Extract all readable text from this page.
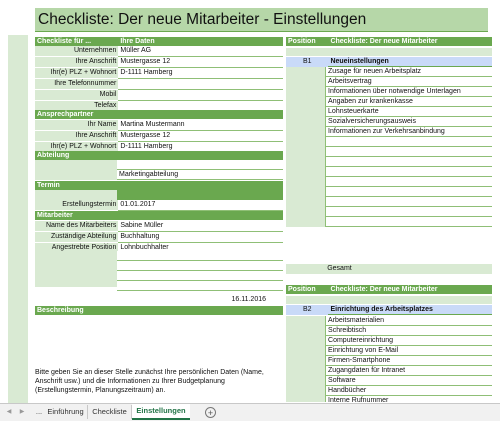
Checkliste: Der neue Mitarbeiter - Einstellungen
Checkliste für ...	Ihre Daten
Unternehmen Müller AG
Ihre Anschrift Mustergasse 12
Ihr(e) PLZ + Wohnort D-1111 Hamberg
Ihre Telefonnummer
Mobil
Telefax
Ansprechpartner
Ihr Name Martina Mustermann
Ihre Anschrift Mustergasse 12
Ihr(e) PLZ + Wohnort D-1111 Hamberg
Abteilung
Marketingabteilung
Termin
Erstellungstermin 01.01.2017
Mitarbeiter
Name des Mitarbeiters Sabine Müller
Zuständige Abteilung Buchhaltung
Angestrebte Position Lohnbuchhalter
16.11.2016
Beschreibung
Bitte geben Sie an dieser Stelle zunächst Ihre persönlichen Daten (Name, Anschrift usw.) und die Informationen zu Ihrer Budgetplanung (Erstellungstermin, Planungszeitraum) an.
Position	Checkliste: Der neue Mitarbeiter
B1	Neueinstellungen
Zusage für neuen Arbeitsplatz
Arbeitsvertrag
Informationen über notwendige Unterlagen
Angaben zur krankenkasse
Lohnsteuerkarte
Sozialversicherungsausweis
Informationen zur Verkehrsanbindung
Gesamt
Position	Checkliste: Der neue Mitarbeiter
B2	Einrichtung des Arbeitsplatzes
Arbeitsmaterialien
Schreibtisch
Computereinrichtung
Einrichtung von E-Mail
Firmen-Smartphone
Zugangdaten für Intranet
Software
Handbücher
Interne Rufnummer
◀	▶	... Einführung	Checkliste	Einstellungen	+
